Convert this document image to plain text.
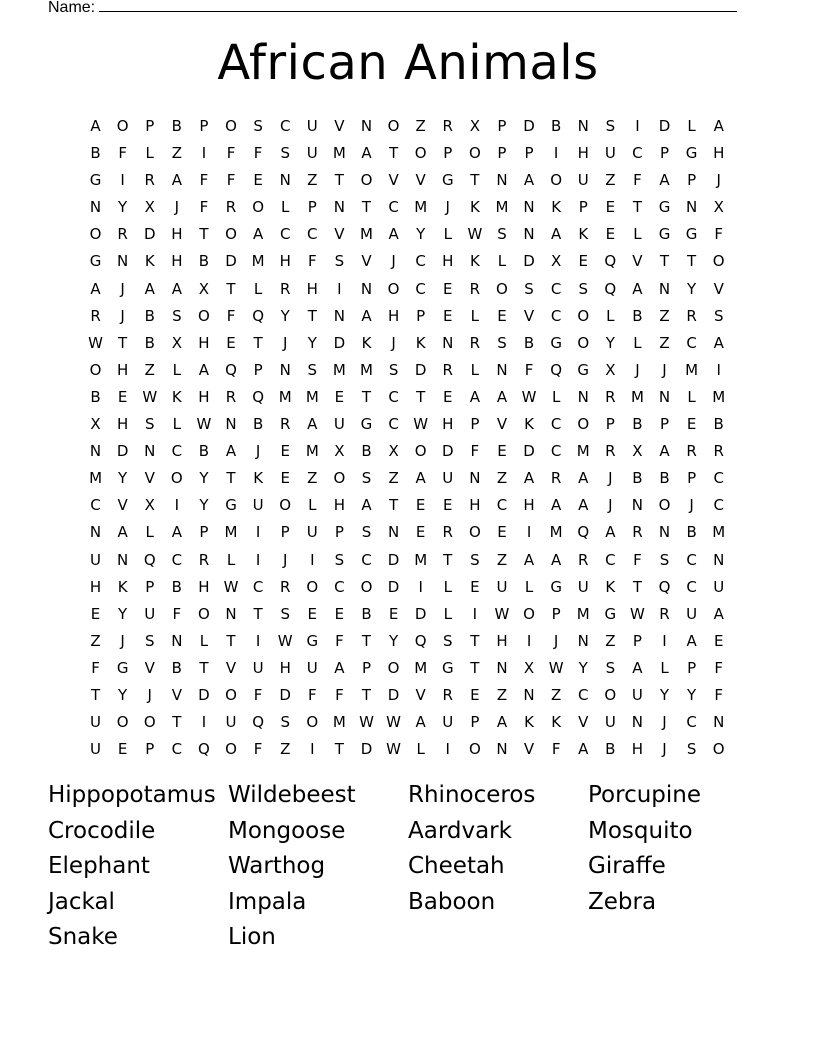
Name:
African Animals
A	O	P	B	P	O	S	C	U	V	N	O	Z	R	X	P	D	B	N	S	I	D	L	A
B	F	L	Z	I	F	F	S	U	M	A	T	O	P	O	P	P	I	H	U	C	P	G	H
G	I	R	A	F	F	E	N	Z	T	O	V	V	G	T	N	A	O	U	Z	F	A	P	J
N	Y	X	J	F	R	O	L	P	N	T	C	M	J	K	M	N	K	P	E	T	G	N	X
O	R	D	H	T	O	A	C	C	V	M	A	Y	L	W S	N	A	K	E	L	G	G	F
G	N	K	H	B	D M H	F	S	V	J	C	H	K	L	D	X	E	Q	V	T	T	O
A	J	A	A	X	T	L	R	H	I	N	O	C	E	R	O	S	C	S	Q	A	N	Y	V
R	J	B	S	O	F	Q	Y	T	N	A	H	P	E	L	E	V	C	O	L	B	Z	R	S
W	T	B	X	H	E	T	J	Y	D	K	J	K	N	R	S	B	G	O	Y	L	Z	C	A
O	H	Z	L	A	Q	P	N	S	M M	S	D	R	L	N	F	Q	G	X	J	J	M	I
B	E W K	H	R	Q M M	E	T	C	T	E	A	A W	L	N	R	M	N	L	M
X	H	S	L	W N	B	R	A	U	G	C W H	P	V	K	C	O	P	B	P	E	B
N	D	N	C	B	A	J	E	M	X	B	X	O	D	F	E	D	C	M	R	X	A	R	R
M	Y	V	O	Y	T	K	E	Z	O	S	Z	A	U	N	Z	A	R	A	J	B	B	P	C
C	V	X	I	Y	G	U	O	L	H	A	T	E	E	H	C	H	A	A	J	N	O	J	C
N	A	L	A	P	M	I	P	U	P	S	N	E	R	O	E	I	M Q	A	R	N	B	M
U	N	Q	C	R	L	I	J	I	S	C	D M	T	S	Z	A	A	R	C	F	S	C	N
H	K	P	B	H W C	R	O	C	O	D	I	L	E	U	L	G	U	K	T	Q	C	U
E	Y	U	F	O	N	T	S	E	E	B	E	D	L	I	W O	P	M G W R	U	A
Z	J	S	N	L	T	I	W G	F	T	Y	Q	S	T	H	I	J	N	Z	P	I	A	E
F	G	V	B	T	V	U	H	U	A	P	O M G	T	N	X W	Y	S	A	L	P	F
T	Y	J	V	D	O	F	D	F	F	T	D	V	R	E	Z	N	Z	C	O	U	Y	Y	F
U	O	O	T	I	U	Q	S	O M W W A	U	P	A	K	K	V	U	N	J	C	N
U	E	P	C	Q	O	F	Z	I	T	D W	L	I	O	N	V	F	A	B	H	J	S	O
Hippopotamus Wildebeest	Rhinoceros	Porcupine
Crocodile	Mongoose	Aardvark	Mosquito
Elephant	Warthog	Cheetah	Giraffe
Jackal	Impala	Baboon	Zebra
Snake	Lion
